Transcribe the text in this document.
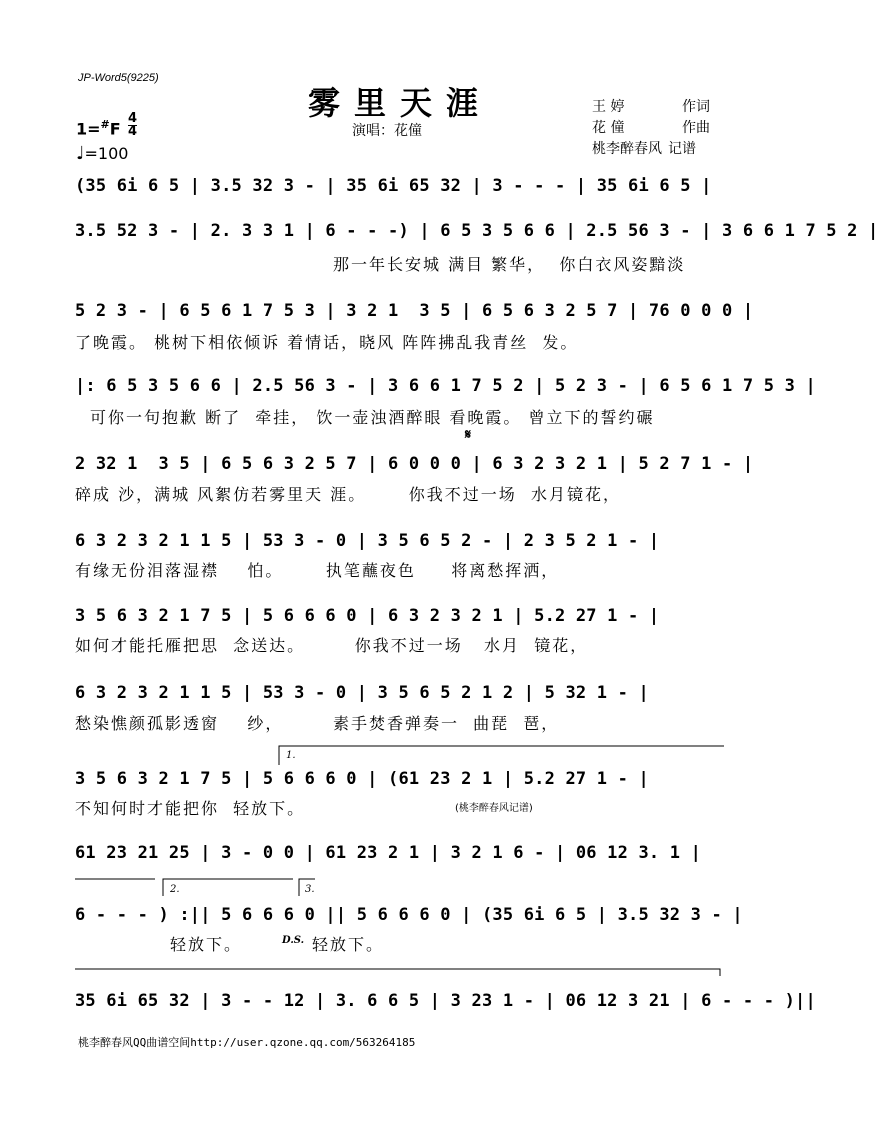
JP-Word5(9225)
雾里天涯
演唱：花僮
王 婷	作词
花 僮	作曲
桃李醉春风 记谱
$1=^{\#}F \frac{4}{4}$
♩=100
(35 6i 6 5 | 3.5 32 3 - | 35 6i 65 32 | 3 - - - | 35 6i 6 5 |
3.5 52 3 - | 2. 3 3 1 | 6 - - -) | 6 5 3 5 6 6 | 2.5 56 3 - | 3 6 6 1 7 5 2 |
那一年长安城 满目 繁华，  你白衣风姿黯淡
5 2 3 - | 6 5 6 1 7 5 3 | 3 2 1  3 5 | 6 5 6 3 2 5 7 | 76 0 0 0 |
了晚霞。 桃树下相依倾诉 着情话，晓风 阵阵拂乱我青丝  发。
|: 6 5 3 5 6 6 | 2.5 56 3 - | 3 6 6 1 7 5 2 | 5 2 3 - | 6 5 6 1 7 5 3 |
可你一句抱歉 断了  牵挂， 饮一壶浊酒醉眼 看晚霞。 曾立下的誓约碾
𝄋
2 32 1  3 5 | 6 5 6 3 2 5 7 | 6 0 0 0 | 6 3 2 3 2 1 | 5 2 7 1 - |
碎成 沙，满城 风絮仿若雾里天 涯。      你我不过一场  水月镜花，
6 3 2 3 2 1 1 5 | 53 3 - 0 | 3 5 6 5 2 - | 2 3 5 2 1 - |
有缘无份泪落湿襟    怕。      执笔蘸夜色     将离愁挥洒，
3 5 6 3 2 1 7 5 | 5 6 6 6 0 | 6 3 2 3 2 1 | 5.2 27 1 - |
如何才能托雁把思  念送达。       你我不过一场   水月  镜花，
6 3 2 3 2 1 1 5 | 53 3 - 0 | 3 5 6 5 2 1 2 | 5 32 1 - |
愁染憔颜孤影透窗    纱，       素手焚香弹奏一  曲琵  琶，
1.
3 5 6 3 2 1 7 5 | 5 6 6 6 0 | (61 23 2 1 | 5.2 27 1 - |
不知何时才能把你  轻放下。	(桃李醉春风记谱)
61 23 21 25 | 3 - 0 0 | 61 23 2 1 | 3 2 1 6 - | 06 12 3. 1 |
2.	3.
6 - - - ) :|| 5 6 6 6 0 || 5 6 6 6 0 | (35 6i 6 5 | 3.5 32 3 - |
轻放下。	D.S. 轻放下。
35 6i 65 32 | 3 - - 12 | 3. 6 6 5 | 3 23 1 - | 06 12 3 21 | 6 - - - )||
桃李醉春风QQ曲谱空间http://user.qzone.qq.com/563264185
